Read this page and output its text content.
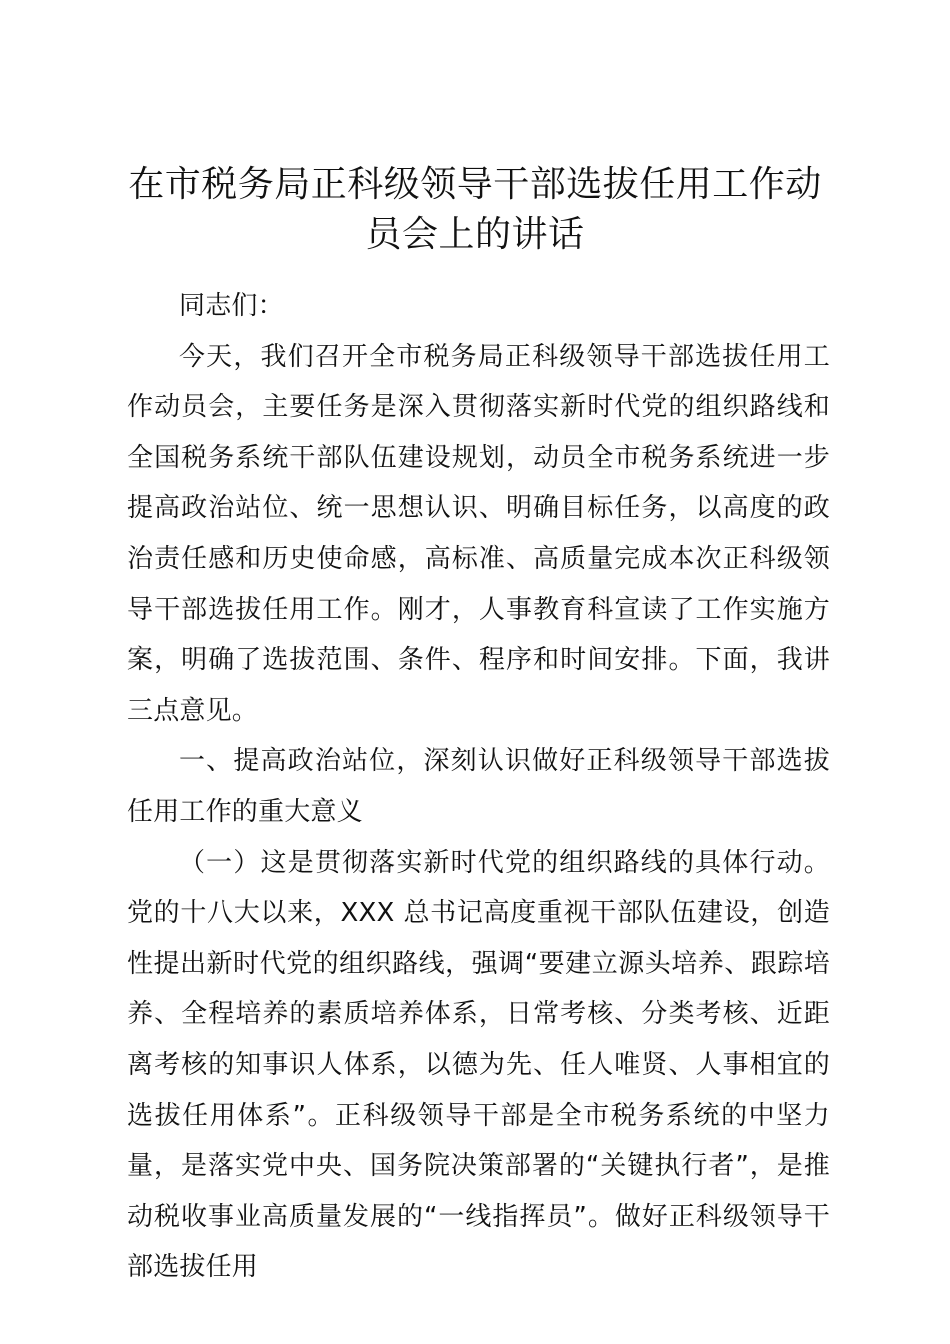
在市税务局正科级领导干部选拔任用工作动员会上的讲话

同志们：

今天，我们召开全市税务局正科级领导干部选拔任用工作动员会，主要任务是深入贯彻落实新时代党的组织路线和全国税务系统干部队伍建设规划，动员全市税务系统进一步提高政治站位、统一思想认识、明确目标任务，以高度的政治责任感和历史使命感，高标准、高质量完成本次正科级领导干部选拔任用工作。刚才，人事教育科宣读了工作实施方案，明确了选拔范围、条件、程序和时间安排。下面，我讲三点意见。

一、提高政治站位，深刻认识做好正科级领导干部选拔任用工作的重大意义

（一）这是贯彻落实新时代党的组织路线的具体行动。党的十八大以来，XXX 总书记高度重视干部队伍建设，创造性提出新时代党的组织路线，强调“要建立源头培养、跟踪培养、全程培养的素质培养体系，日常考核、分类考核、近距离考核的知事识人体系，以德为先、任人唯贤、人事相宜的选拔任用体系”。正科级领导干部是全市税务系统的中坚力量，是落实党中央、国务院决策部署的“关键执行者”，是推动税收事业高质量发展的“一线指挥员”。做好正科级领导干部选拔任用
